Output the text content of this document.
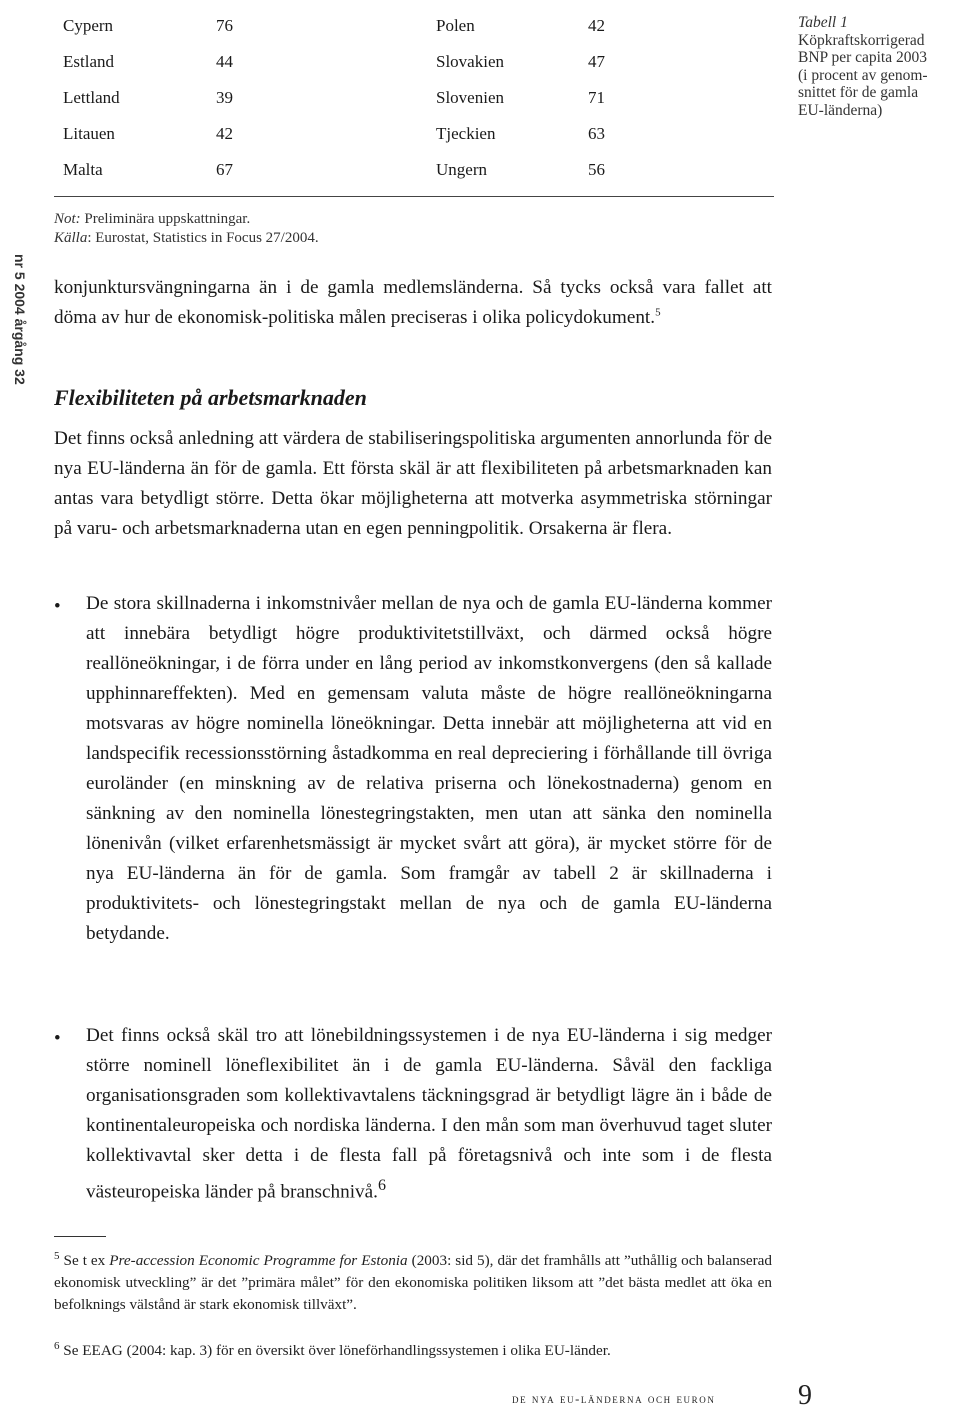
Cypern	76	Polen	42
Estland	44	Slovakien	47
Lettland	39	Slovenien	71
Litauen	42	Tjeckien	63
Malta	67	Ungern	56
Tabell 1
Köpkraftskorrigerad
BNP per capita 2003
(i procent av genom-
snittet för de gamla
EU-länderna)
Not: Preliminära uppskattningar.
Källa: Eurostat, Statistics in Focus 27/2004.
nr 5 2004 årgång 32 konjunktursvängningarna än i de gamla medlemsländerna. Så tycks också vara fallet att döma av hur de ekonomisk-politiska målen preciseras i olika policydokument.$^5$

Flexibiliteten på arbetsmarknaden

Det finns också anledning att värdera de stabiliseringspolitiska argumenten annorlunda för de nya EU-länderna än för de gamla. Ett första skäl är att flexibiliteten på arbetsmarknaden kan antas vara betydligt större. Detta ökar möjligheterna att motverka asymmetriska störningar på varu- och arbetsmarknaderna utan en egen penningpolitik. Orsakerna är flera.

• De stora skillnaderna i inkomstnivåer mellan de nya och de gamla EU-länderna kommer att innebära betydligt högre produktivitetstillväxt, och därmed också högre reallöneökningar, i de förra under en lång period av inkomstkonvergens (den så kallade upphinnareffekten). Med en gemensam valuta måste de högre reallöneökningarna motsvaras av högre nominella löneökningar. Detta innebär att möjligheterna att vid en landspecifik recessionsstörning åstadkomma en real depreciering i förhållande till övriga euroländer (en minskning av de relativa priserna och lönekostnaderna) genom en sänkning av den nominella lönestegringstakten, men utan att sänka den nominella lönenivån (vilket erfarenhetsmässigt är mycket svårt att göra), är mycket större för de nya EU-länderna än för de gamla. Som framgår av tabell 2 är skillnaderna i produktivitets- och lönestegringstakt mellan de nya och de gamla EU-länderna betydande.

• Det finns också skäl tro att lönebildningssystemen i de nya EU-länderna i sig medger större nominell löneflexibilitet än i de gamla EU-länderna. Såväl den fackliga organisationsgraden som kollektivavtalens täckningsgrad är betydligt lägre än i både de kontinentaleuropeiska och nordiska länderna. I den mån som man överhuvud taget sluter kollektivavtal sker detta i de flesta fall på företagsnivå och inte som i de flesta västeuropeiska länder på branschnivå.$^6$

$^5$ Se t ex Pre-accession Economic Programme for Estonia (2003: sid 5), där det framhålls att ”uthållig och balanserad ekonomisk utveckling” är det ”primära målet” för den ekonomiska politiken liksom att ”det bästa medlet att öka en befolknings välstånd är stark ekonomisk tillväxt”.

$^6$ Se EEAG (2004: kap. 3) för en översikt över löneförhandlingssystemen i olika EU-länder.

de nya eu-länderna och euron	9
